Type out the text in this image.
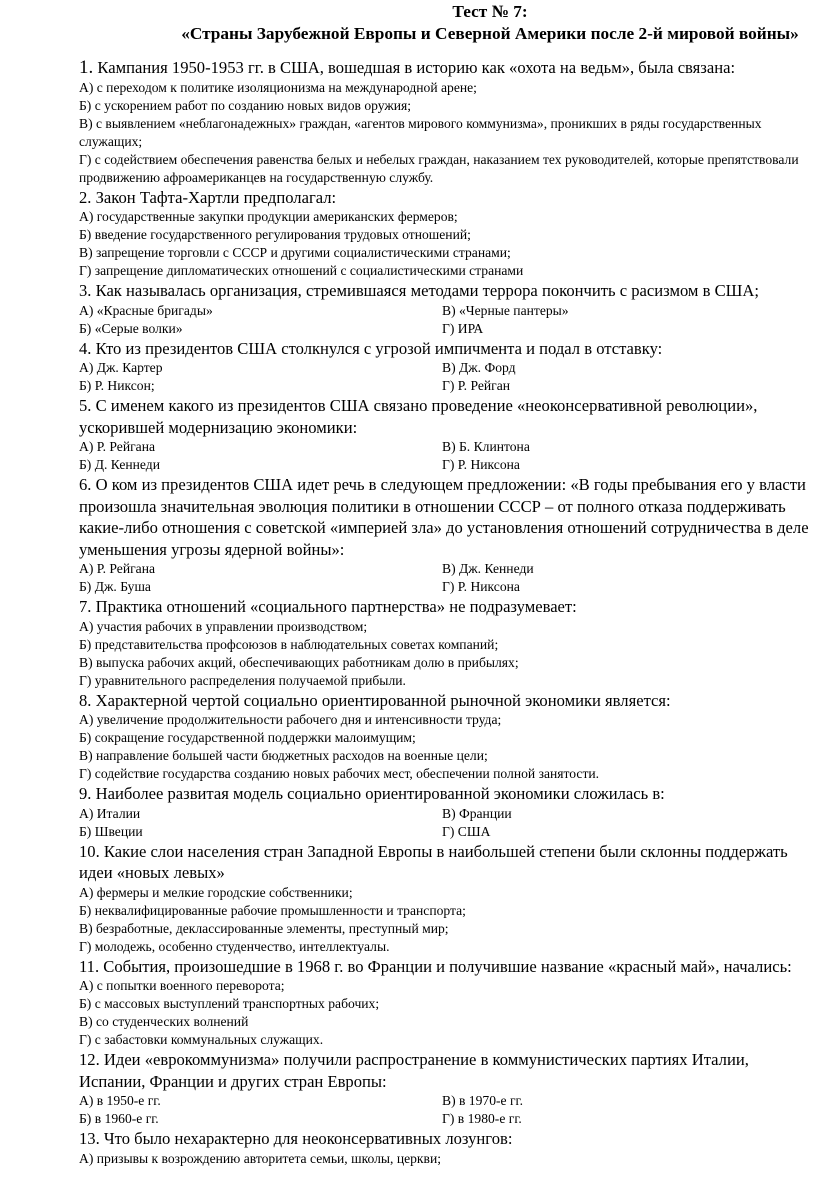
Тест № 7:
«Страны Зарубежной Европы и Северной Америки после 2-й мировой войны»

1. Кампания 1950-1953 гг. в США, вошедшая в историю как «охота на ведьм», была связана:

А) с переходом к политике изоляционизма на международной арене;

Б) с ускорением работ по созданию новых видов оружия;

В) с выявлением «неблагонадежных» граждан, «агентов мирового коммунизма», проникших в ряды государственных служащих;

Г) с содействием обеспечения равенства белых и небелых граждан, наказанием тех руководителей, которые препятствовали продвижению афроамериканцев на государственную службу.

2. Закон Тафта-Хартли предполагал:

А) государственные закупки продукции американских фермеров;

Б) введение государственного регулирования трудовых отношений;

В) запрещение торговли с СССР и другими социалистическими странами;

Г) запрещение дипломатических отношений с социалистическими странами

3. Как называлась организация, стремившаяся методами террора покончить с расизмом в США;

А) «Красные бригады»	В) «Черные пантеры»
Б) «Серые волки»	Г) ИРА

4. Кто из президентов США столкнулся с угрозой импичмента и подал в отставку:

А) Дж. Картер	В) Дж. Форд
Б) Р. Никсон;	Г) Р. Рейган

5. С именем какого из президентов США связано проведение «неоконсервативной революции», ускорившей модернизацию экономики:

А) Р. Рейгана	В) Б. Клинтона
Б) Д. Кеннеди	Г) Р. Никсона

6. О ком из президентов США идет речь в следующем предложении: «В годы пребывания его у власти произошла значительная эволюция политики в отношении СССР – от полного отказа поддерживать какие-либо отношения с советской «империей зла» до установления отношений сотрудничества в деле уменьшения угрозы ядерной войны»:

А) Р. Рейгана	В) Дж. Кеннеди
Б) Дж. Буша	Г) Р. Никсона

7. Практика отношений «социального партнерства» не подразумевает:

А) участия рабочих в управлении производством;

Б) представительства профсоюзов в наблюдательных советах компаний;

В) выпуска рабочих акций, обеспечивающих работникам долю в прибылях;

Г) уравнительного распределения получаемой прибыли.

8. Характерной чертой социально ориентированной рыночной экономики является:

А) увеличение продолжительности рабочего дня и интенсивности труда;

Б) сокращение государственной поддержки малоимущим;

В) направление большей части бюджетных расходов на военные цели;

Г) содействие государства созданию новых рабочих мест, обеспечении полной занятости.

9. Наиболее развитая модель социально ориентированной экономики сложилась в:

А) Италии	В) Франции
Б) Швеции	Г) США

10. Какие слои населения стран Западной Европы в наибольшей степени были склонны поддержать идеи «новых левых»

А) фермеры и мелкие городские собственники;

Б) неквалифицированные рабочие промышленности и транспорта;

В) безработные, деклассированные элементы, преступный мир;

Г) молодежь, особенно студенчество, интеллектуалы.

11. События, произошедшие в 1968 г. во Франции и получившие название «красный май», начались:

А) с попытки военного переворота;

Б) с массовых выступлений транспортных рабочих;

В) со студенческих волнений

Г) с забастовки коммунальных служащих.

12. Идеи «еврокоммунизма» получили распространение в коммунистических партиях Италии, Испании, Франции и других стран Европы:

А) в 1950-е гг.	В) в 1970-е гг.
Б) в 1960-е гг.	Г) в 1980-е гг.

13. Что было нехарактерно для неоконсервативных лозунгов:

А) призывы к возрождению авторитета семьи, школы, церкви;
